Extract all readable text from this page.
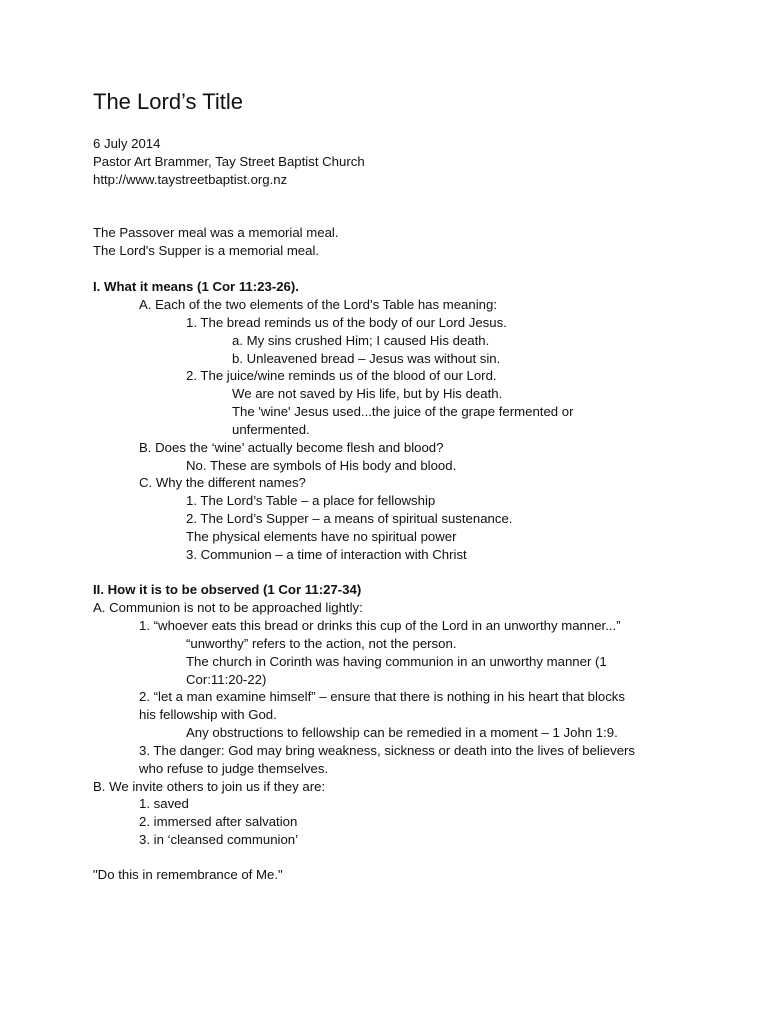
The Lord’s Title
6 July 2014
Pastor Art Brammer, Tay Street Baptist Church
http://www.taystreetbaptist.org.nz
The Passover meal was a memorial meal.
The Lord's Supper is a memorial meal.
I. What it means (1 Cor 11:23-26).
A. Each of the two elements of the Lord’s Table has meaning:
1. The bread reminds us of the body of our Lord Jesus.
a. My sins crushed Him; I caused His death.
b. Unleavened bread – Jesus was without sin.
2. The juice/wine reminds us of the blood of our Lord.
We are not saved by His life, but by His death.
The 'wine' Jesus used...the juice of the grape fermented or
unfermented.
B. Does the ‘wine’ actually become flesh and blood?
No. These are symbols of His body and blood.
C. Why the different names?
1. The Lord’s Table – a place for fellowship
2. The Lord’s Supper – a means of spiritual sustenance.
The physical elements have no spiritual power
3. Communion – a time of interaction with Christ
II. How it is to be observed (1 Cor 11:27-34)
A. Communion is not to be approached lightly:
1. “whoever eats this bread or drinks this cup of the Lord in an unworthy manner...”
“unworthy” refers to the action, not the person.
The church in Corinth was having communion in an unworthy manner (1
Cor:11:20-22)
2. “let a man examine himself” – ensure that there is nothing in his heart that blocks
his fellowship with God.
Any obstructions to fellowship can be remedied in a moment – 1 John 1:9.
3. The danger: God may bring weakness, sickness or death into the lives of believers
who refuse to judge themselves.
B. We invite others to join us if they are:
1. saved
2. immersed after salvation
3. in ‘cleansed communion’
"Do this in remembrance of Me."
